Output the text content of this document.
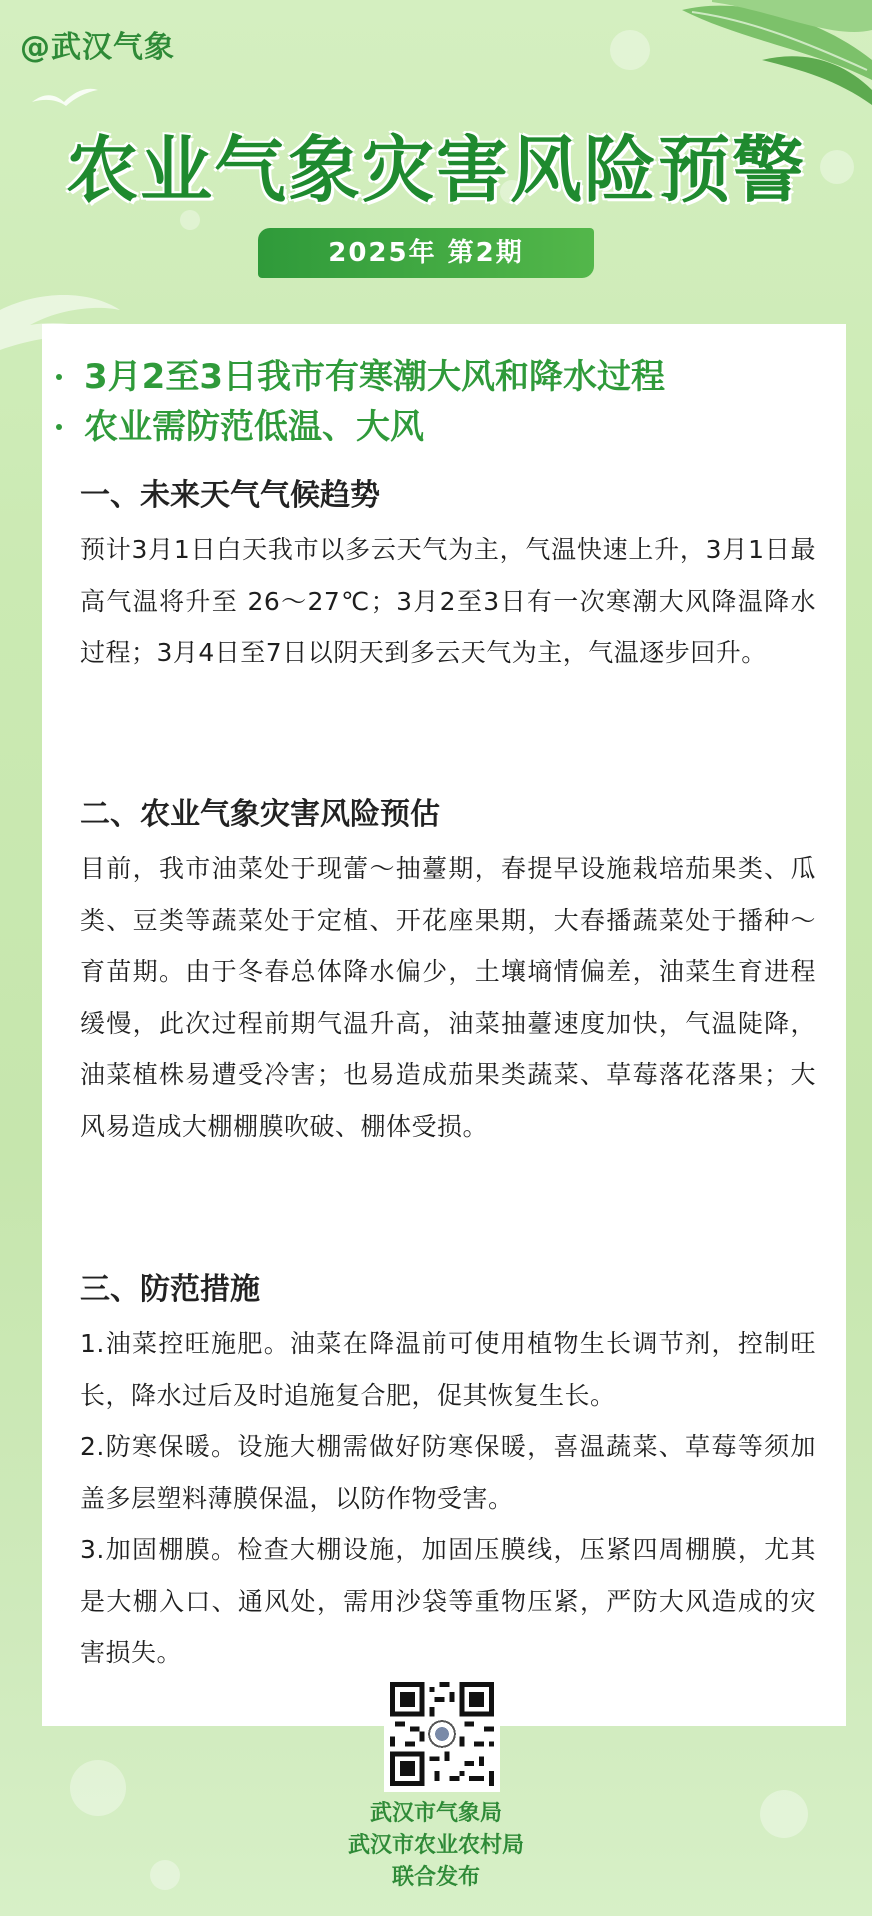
@武汉气象
农业气象灾害风险预警
2025年 第2期
3月2至3日我市有寒潮大风和降水过程
农业需防范低温、大风
一、未来天气气候趋势

预计3月1日白天我市以多云天气为主，气温快速上升，3月1日最高气温将升至 26～27℃；3月2至3日有一次寒潮大风降温降水过程；3月4日至7日以阴天到多云天气为主，气温逐步回升。

二、农业气象灾害风险预估

目前，我市油菜处于现蕾～抽薹期，春提早设施栽培茄果类、瓜类、豆类等蔬菜处于定植、开花座果期，大春播蔬菜处于播种～育苗期。由于冬春总体降水偏少，土壤墒情偏差，油菜生育进程缓慢，此次过程前期气温升高，油菜抽薹速度加快，气温陡降，油菜植株易遭受冷害；也易造成茄果类蔬菜、草莓落花落果；大风易造成大棚棚膜吹破、棚体受损。

三、防范措施

1.油菜控旺施肥。油菜在降温前可使用植物生长调节剂，控制旺长，降水过后及时追施复合肥，促其恢复生长。

2.防寒保暖。设施大棚需做好防寒保暖，喜温蔬菜、草莓等须加盖多层塑料薄膜保温，以防作物受害。

3.加固棚膜。检查大棚设施，加固压膜线，压紧四周棚膜，尤其是大棚入口、通风处，需用沙袋等重物压紧，严防大风造成的灾害损失。

武汉市气象局
武汉市农业农村局
联合发布
